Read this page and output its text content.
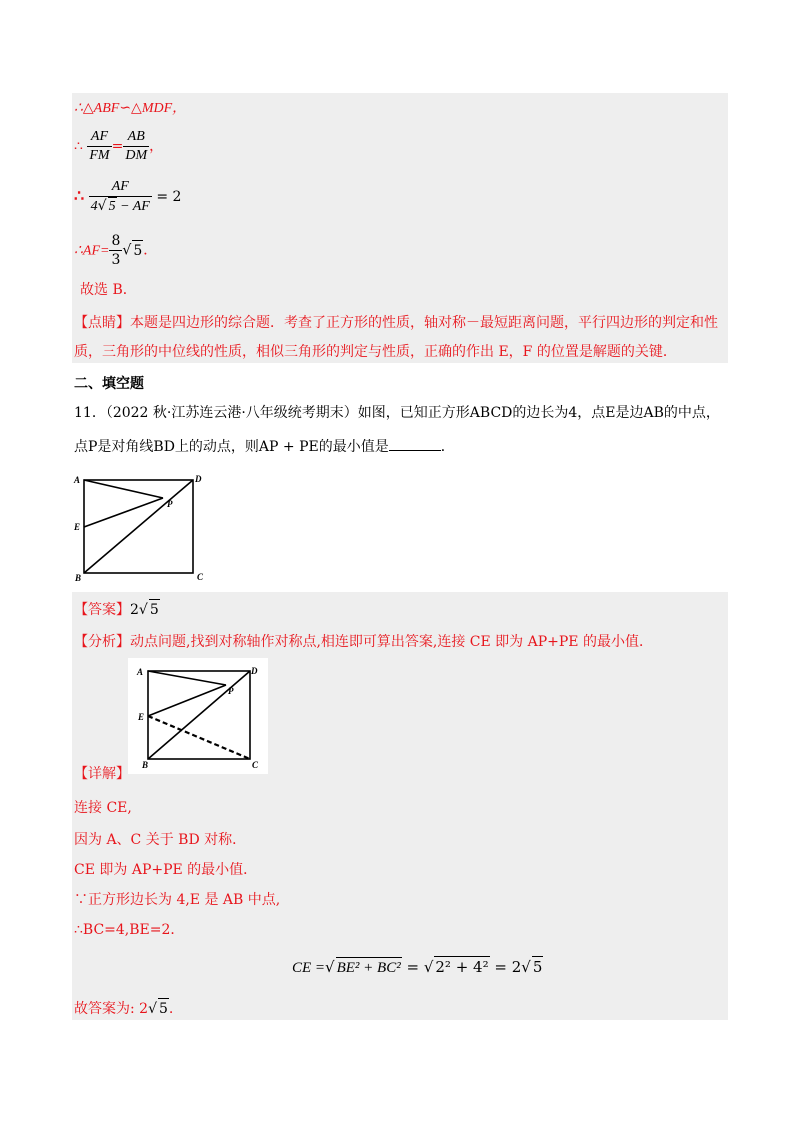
∴△ABF∽△MDF，
∴ $\frac{AF}{FM} = \frac{AB}{DM}$ ，
∴ $\frac{AF}{4√ 5 - AF} = 2$
∴AF= $\frac{8}{3}$ √ 5．
故选 B．
【点睛】本题是四边形的综合题．考查了正方形的性质，轴对称－最短距离问题，平行四边形的判定和性
质，三角形的中位线的性质，相似三角形的判定与性质，正确的作出 E，F 的位置是解题的关键．
二、填空题
11．（2022 秋·江苏连云港·八年级统考期末）如图，已知正方形ABCD的边长为4，点E是边AB的中点，
点P是对角线BD上的动点，则AP + PE的最小值是	．
A	D
P
E
B	C
【答案】2√ 5
【分析】动点问题,找到对称轴作对称点,相连即可算出答案,连接 CE 即为 AP+PE 的最小值．
A	D
P
E
B	C
【详解】
连接 CE,
因为 A、C 关于 BD 对称．
CE 即为 AP+PE 的最小值．
∵正方形边长为 4,E 是 AB 中点,
∴BC=4,BE=2．
CE =√ BE² + BC² = √ 2² + 4² = 2√ 5
故答案为: 2√ 5.
